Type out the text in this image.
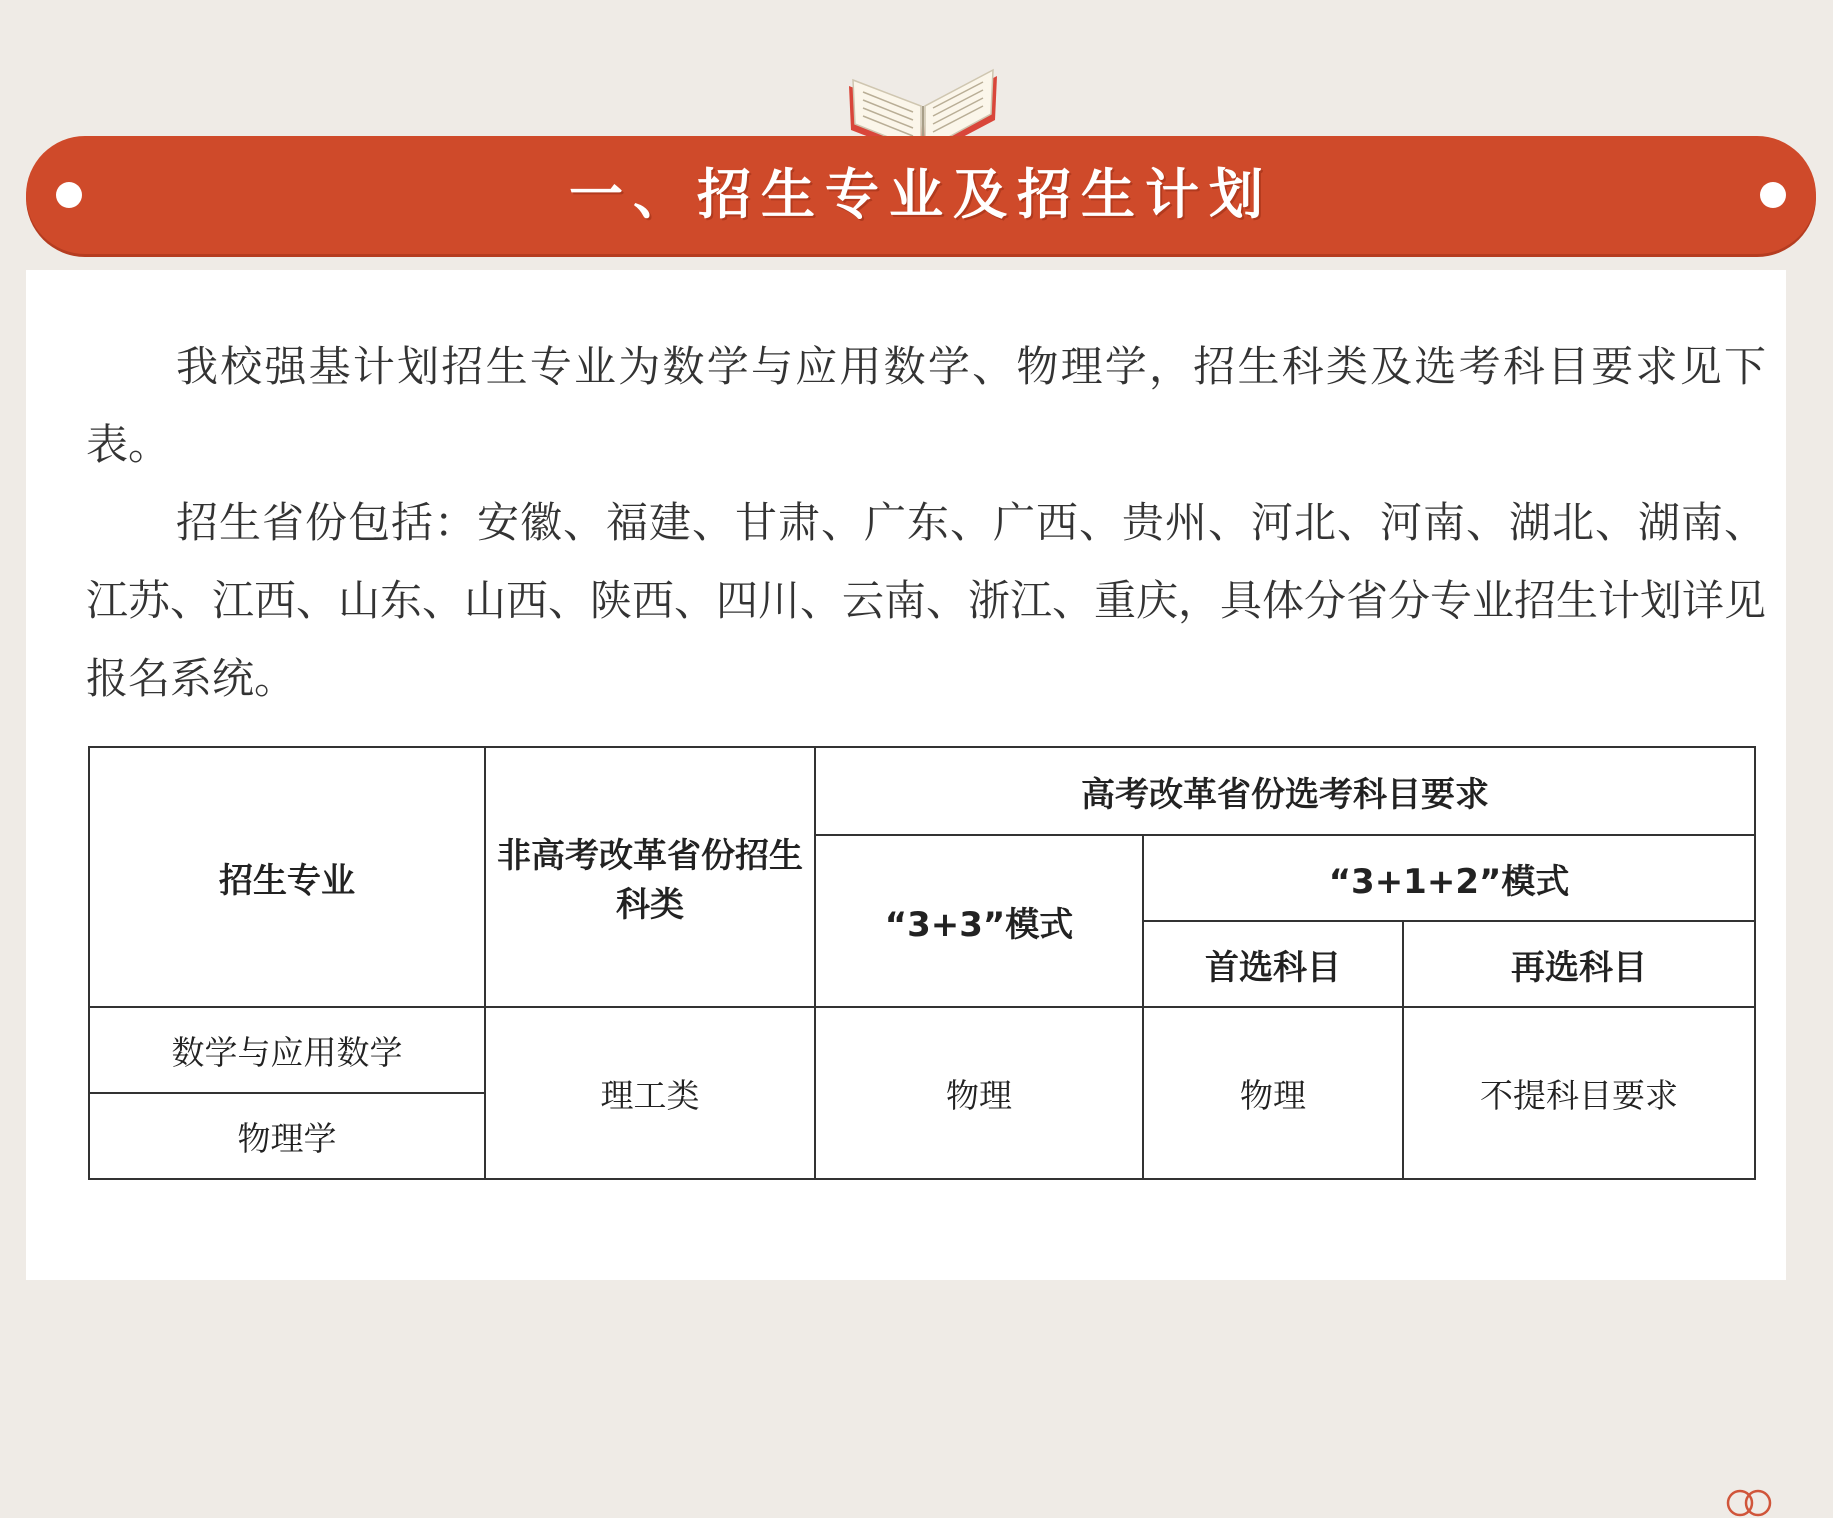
一、招生专业及招生计划

我校强基计划招生专业为数学与应用数学、物理学，招生科类及选考科目要求见下表。

招生省份包括：安徽、福建、甘肃、广东、广西、贵州、河北、河南、湖北、湖南、江苏、江西、山东、山西、陕西、四川、云南、浙江、重庆，具体分省分专业招生计划详见报名系统。

招生专业	非高考改革省份招生科类	高考改革省份选考科目要求		
		“3+3”模式	“3+1+2”模式	
			首选科目	再选科目
数学与应用数学	理工类	物理	物理	不提科目要求
物理学				
